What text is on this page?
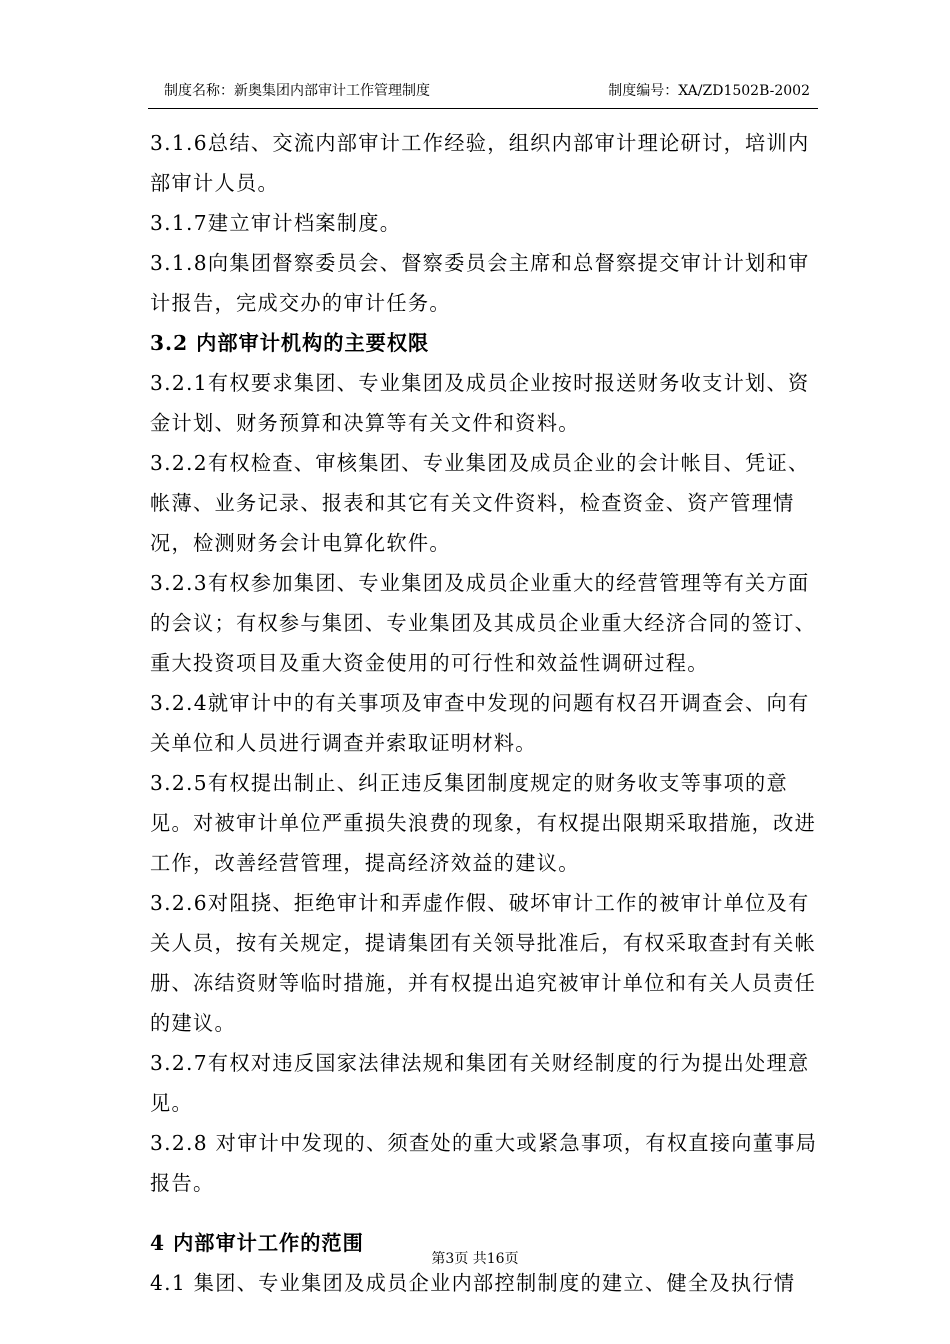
制度名称：新奥集团内部审计工作管理制度	制度编号：XA/ZD1502B-2002

3.1.6总结、交流内部审计工作经验，组织内部审计理论研讨，培训内部审计人员。

3.1.7建立审计档案制度。

3.1.8向集团督察委员会、督察委员会主席和总督察提交审计计划和审计报告，完成交办的审计任务。

3.2 内部审计机构的主要权限

3.2.1有权要求集团、专业集团及成员企业按时报送财务收支计划、资金计划、财务预算和决算等有关文件和资料。

3.2.2有权检查、审核集团、专业集团及成员企业的会计帐目、凭证、帐薄、业务记录、报表和其它有关文件资料，检查资金、资产管理情况，检测财务会计电算化软件。

3.2.3有权参加集团、专业集团及成员企业重大的经营管理等有关方面的会议；有权参与集团、专业集团及其成员企业重大经济合同的签订、重大投资项目及重大资金使用的可行性和效益性调研过程。

3.2.4就审计中的有关事项及审查中发现的问题有权召开调查会、向有关单位和人员进行调查并索取证明材料。

3.2.5有权提出制止、纠正违反集团制度规定的财务收支等事项的意见。对被审计单位严重损失浪费的现象，有权提出限期采取措施，改进工作，改善经营管理，提高经济效益的建议。

3.2.6对阻挠、拒绝审计和弄虚作假、破坏审计工作的被审计单位及有关人员，按有关规定，提请集团有关领导批准后，有权采取查封有关帐册、冻结资财等临时措施，并有权提出追究被审计单位和有关人员责任的建议。

3.2.7有权对违反国家法律法规和集团有关财经制度的行为提出处理意见。

3.2.8 对审计中发现的、须查处的重大或紧急事项，有权直接向董事局报告。

4 内部审计工作的范围

4.1 集团、专业集团及成员企业内部控制制度的建立、健全及执行情

第3页 共16页
